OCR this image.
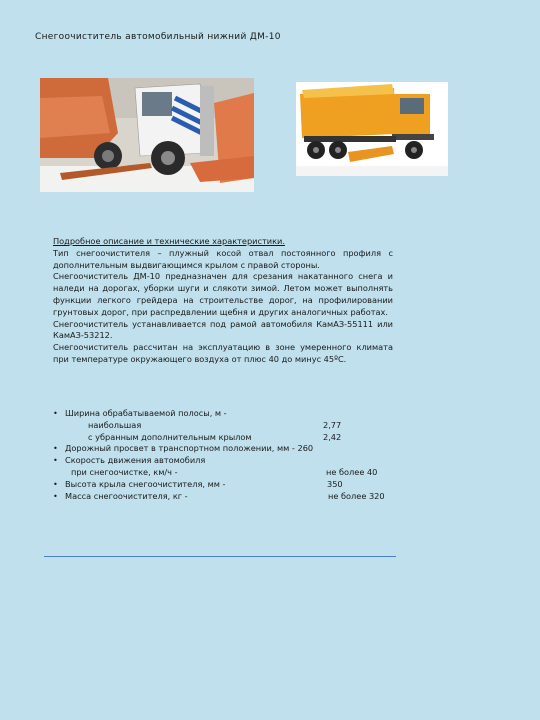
Снегоочиститель автомобильный нижний ДМ-10
Подробное описание и технические характеристики.
Тип снегоочистителя – плужный косой отвал постоянного профиля с дополнительным выдвигающимся крылом с правой стороны.
Снегоочиститель ДМ-10 предназначен для срезания накатанного снега и наледи на дорогах, уборки шуги и слякоти зимой. Летом может выполнять функции легкого грейдера на строительстве дорог, на профилировании грунтовых дорог, при распредвлении щебня и других аналогичных работах.
Снегоочиститель устанавливается под рамой автомобиля КамАЗ-55111 или КамАЗ-53212.
Снегоочиститель рассчитан на эксплуатацию в зоне умеренного климата при температуре окружающего воздуха от плюс 40 до минус 45ºС.
• Ширина обрабатываемой полосы, м -
наибольшая	2,77
с убранным дополнительным крылом	2,42
• Дорожный просвет в транспортном положении, мм - 260
• Скорость движения автомобиля
при снегоочистке, км/ч -	не более 40
• Высота крыла снегоочистителя, мм -	350
• Масса снегоочистителя, кг -	не более 320
